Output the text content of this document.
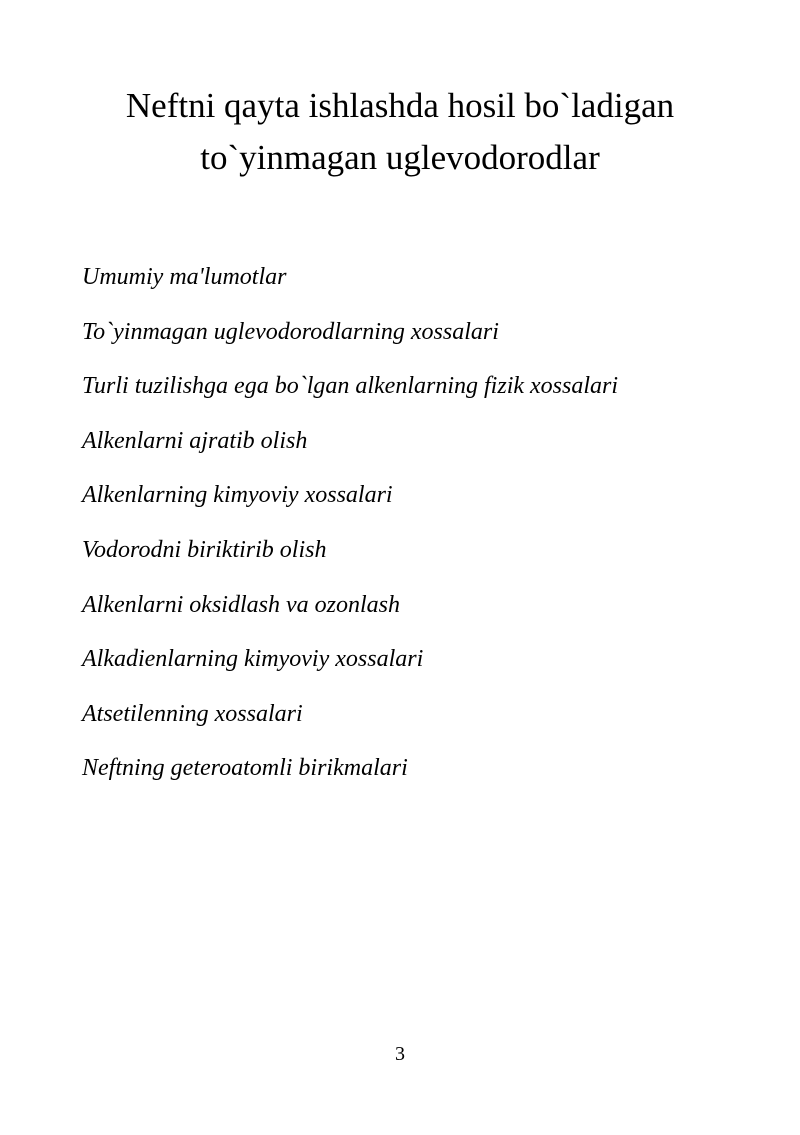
Neftni qayta ishlashda hosil bo`ladigan
to`yinmagan uglevodorodlar
Umumiy ma'lumotlar
To`yinmagan uglevodorodlarning xossalari
Turli tuzilishga ega bo`lgan alkenlarning fizik xossalari
Alkenlarni ajratib olish
Alkenlarning kimyoviy xossalari
Vodorodni biriktirib olish
Alkenlarni oksidlash va ozonlash
Alkadienlarning kimyoviy xossalari
Atsetilenning xossalari
Neftning geteroatomli birikmalari
3
